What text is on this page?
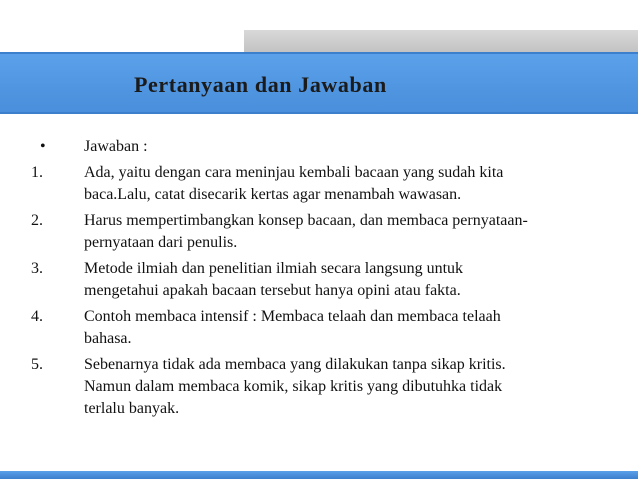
Pertanyaan dan Jawaban
•	Jawaban :
1.	Ada, yaitu dengan cara meninjau kembali bacaan yang sudah kita
baca.Lalu, catat disecarik kertas agar menambah wawasan.
2.	Harus mempertimbangkan konsep bacaan, dan membaca pernyataan-
pernyataan dari penulis.
3.	Metode ilmiah dan penelitian ilmiah secara langsung untuk
mengetahui apakah bacaan tersebut hanya opini atau fakta.
4.	Contoh membaca intensif : Membaca telaah dan membaca telaah
bahasa.
5.	Sebenarnya tidak ada membaca yang dilakukan tanpa sikap kritis.
Namun dalam membaca komik, sikap kritis yang dibutuhka tidak
terlalu banyak.
